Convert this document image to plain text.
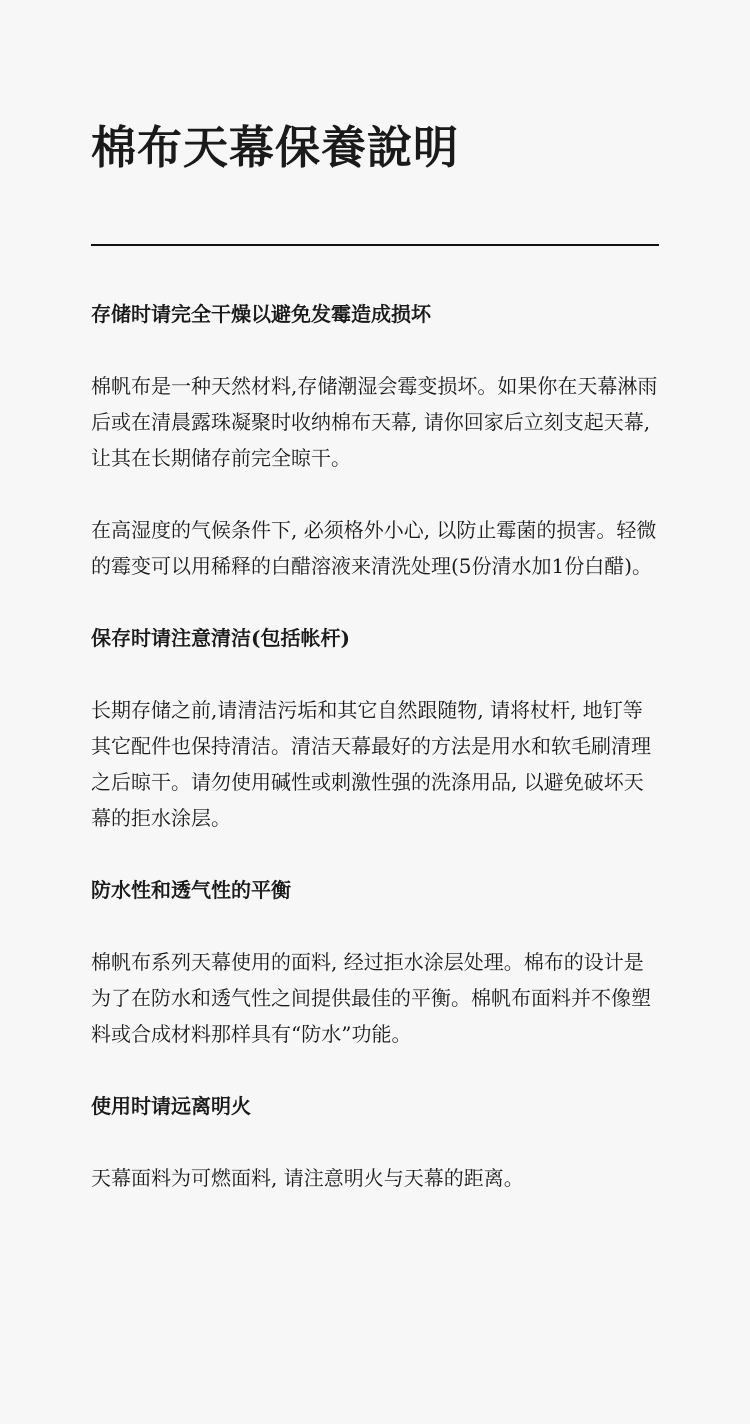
棉布天幕保養說明
存储时请完全干燥以避免发霉造成损坏

棉帆布是一种天然材料,存储潮湿会霉变损坏。如果你在天幕淋雨后或在清晨露珠凝聚时收纳棉布天幕, 请你回家后立刻支起天幕, 让其在长期储存前完全晾干。

在高湿度的气候条件下, 必须格外小心, 以防止霉菌的损害。轻微的霉变可以用稀释的白醋溶液来清洗处理(5份清水加1份白醋)。

保存时请注意清洁(包括帐杆)

长期存储之前,请清洁污垢和其它自然跟随物, 请将杖杆, 地钉等其它配件也保持清洁。清洁天幕最好的方法是用水和软毛刷清理之后晾干。请勿使用碱性或刺激性强的洗涤用品, 以避免破坏天幕的拒水涂层。

防水性和透气性的平衡

棉帆布系列天幕使用的面料, 经过拒水涂层处理。棉布的设计是为了在防水和透气性之间提供最佳的平衡。棉帆布面料并不像塑料或合成材料那样具有“防水”功能。

使用时请远离明火

天幕面料为可燃面料, 请注意明火与天幕的距离。
